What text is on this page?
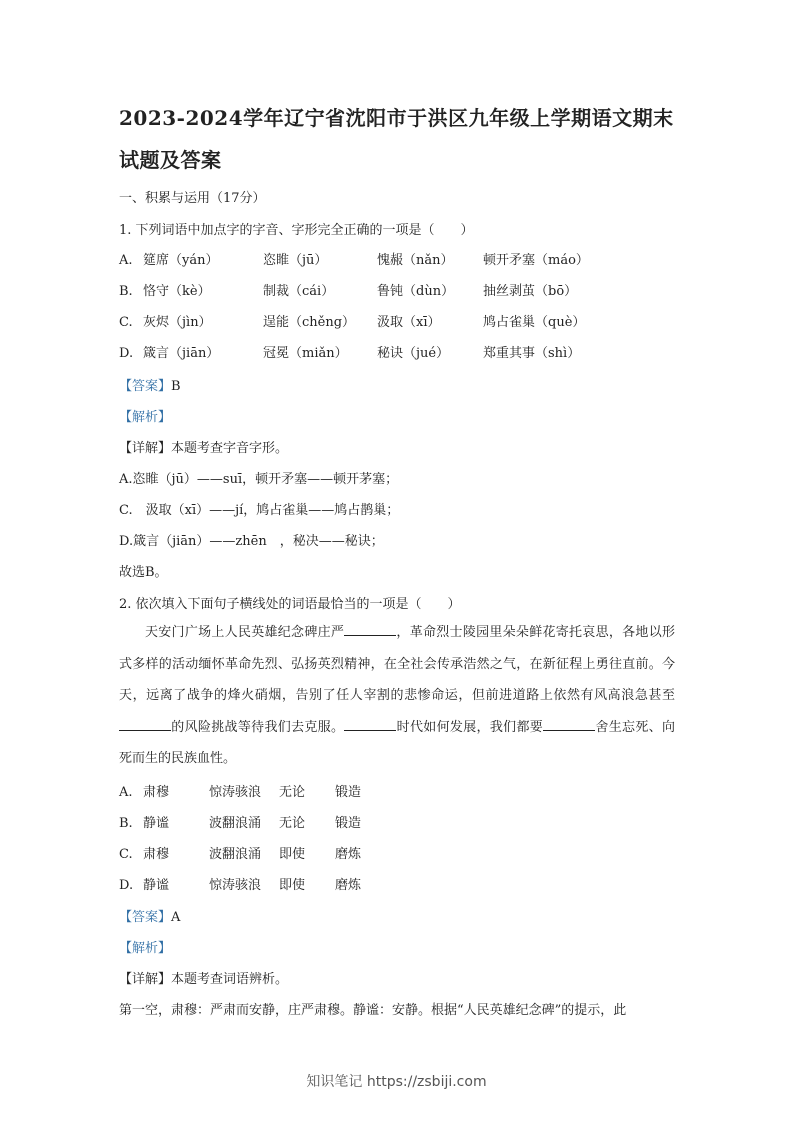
2023-2024学年辽宁省沈阳市于洪区九年级上学期语文期末
试题及答案
一、积累与运用（17分）
1. 下列词语中加点字的字音、字形完全正确的一项是（　　）
A. 筵席（yán）	恣睢（jū）	愧赧（nǎn） 顿开矛塞（máo）
B. 恪守（kè）	制裁（cái）	鲁钝（dùn） 抽丝剥茧（bō）
C. 灰烬（jìn）	逞能（chěng） 汲取（xī）	鸠占雀巢（què）
D. 箴言（jiān）	冠冕（miǎn） 秘诀（jué）	郑重其事（shì）
【答案】B
【解析】
【详解】本题考查字音字形。
A.恣睢（jū）——suī，顿开矛塞——顿开茅塞；
C.　汲取（xī）——jí，鸠占雀巢——鸠占鹊巢；
D.箴言（jiān）——zhēn　，秘决——秘诀；
故选B。
2. 依次填入下面句子横线处的词语最恰当的一项是（　　）

天安门广场上人民英雄纪念碑庄严	，革命烈士陵园里朵朵鲜花寄托哀思，各地以形式多样的活动缅怀革命先烈、弘扬英烈精神，在全社会传承浩然之气，在新征程上勇往直前。今天，远离了战争的烽火硝烟，告别了任人宰割的悲惨命运，但前进道路上依然有风高浪急甚至的风险挑战等待我们去克服。	时代如何发展，我们都要	舍生忘死、向死而生的民族血性。

A. 肃穆	惊涛骇浪 无论 锻造
B. 静谧	波翻浪涌 无论 锻造
C. 肃穆	波翻浪涌 即使 磨炼
D. 静谧	惊涛骇浪 即使 磨炼
【答案】A
【解析】
【详解】本题考查词语辨析。
第一空，肃穆：严肃而安静，庄严肃穆。静谧：安静。根据“人民英雄纪念碑”的提示，此
知识笔记 https://zsbiji.com
